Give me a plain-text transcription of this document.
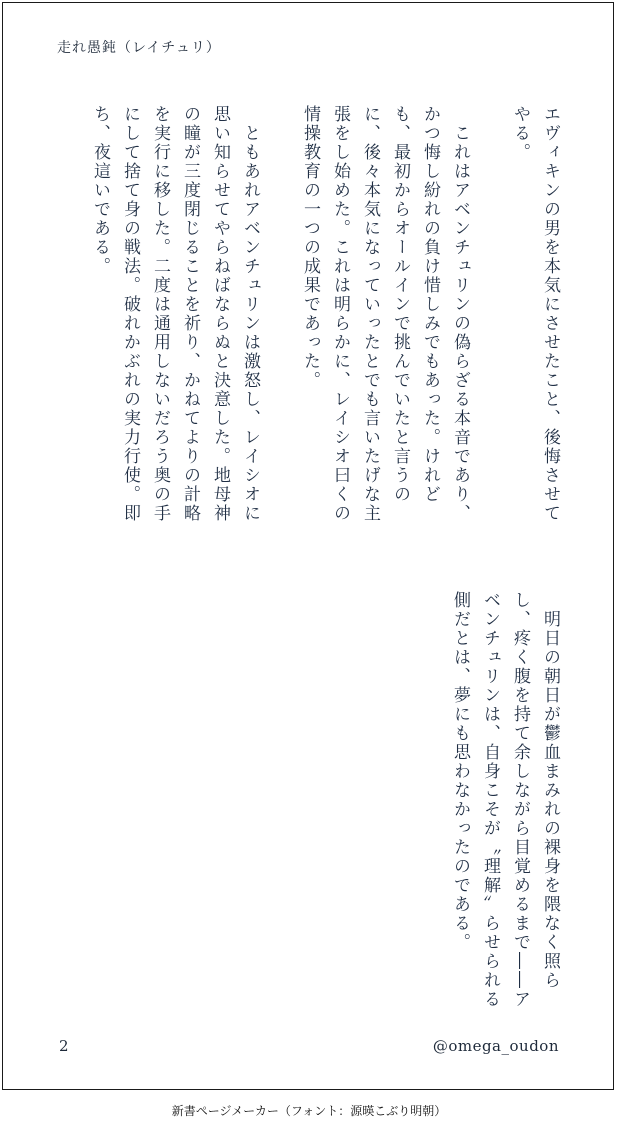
走れ愚鈍（レイチュリ）

エヴィキンの男を本気にさせたこと、後悔させてやる。

　これはアベンチュリンの偽らざる本音であり、かつ悔し紛れの負け惜しみでもあった。けれども、最初からオールインで挑んでいたと言うのに、後々本気になっていったとでも言いたげな主張をし始めた。これは明らかに、レイシオ曰くの情操教育の一つの成果であった。

　ともあれアベンチュリンは激怒し、レイシオに思い知らせてやらねばならぬと決意した。地母神の瞳が三度閉じることを祈り、かねてよりの計略を実行に移した。二度は通用しないだろう奥の手にして捨て身の戦法。破れかぶれの実力行使。即ち、夜這いである。

　明日の朝日が鬱血まみれの裸身を隈なく照らし、疼く腹を持て余しながら目覚めるまで――アベンチュリンは、自身こそが〝理解〟らせられる側だとは、夢にも思わなかったのである。

2	@omega_oudon
新書ページメーカー（フォント：源暎こぶり明朝）
